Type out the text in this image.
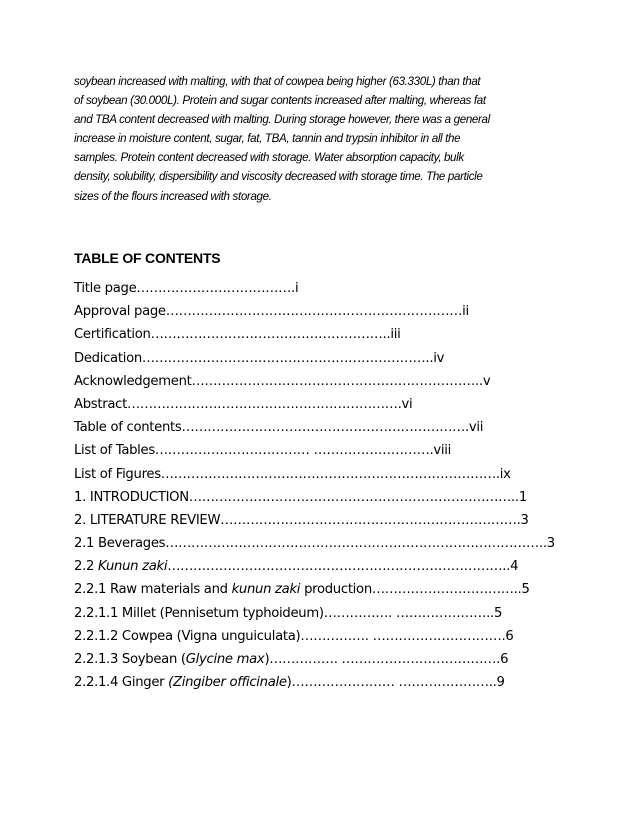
soybean increased with malting, with that of cowpea being higher (63.330L) than that

of soybean (30.000L). Protein and sugar contents increased after malting, whereas fat

and TBA content decreased with malting. During storage however, there was a general

increase in moisture content, sugar, fat, TBA, tannin and trypsin inhibitor in all the

samples. Protein content decreased with storage. Water absorption capacity, bulk

density, solubility, dispersibility and viscosity decreased with storage time. The particle

sizes of the flours increased with storage.

TABLE OF CONTENTS
Title page……………………………….i
Approval page……………………………………………………………ii
Certification………………………………………………..iii
Dedication…………………………………………………………..iv
Acknowledgement…………………………………………………………..v
Abstract……………………………………………………….vi
Table of contents………………………………………………………….vii
List of Tables……………………………… ……………………….viii
List of Figures…………………………………………………………………….ix
1. INTRODUCTION…………………………………………………………………..1
2. LITERATURE REVIEW…………………………………………………………….3
2.1 Beverages……………………………………………………………………………..3
2.2 Kunun zaki……………………………………………………………………..4
2.2.1 Raw materials and kunun zaki production……………………………..5
2.2.1.1 Millet (Pennisetum typhoideum)……………. …………………..5
2.2.1.2 Cowpea (Vigna unguiculata)……………. ………………………….6
2.2.1.3 Soybean (Glycine max)……………. ……………………………….6
2.2.1.4 Ginger (Zingiber officinale)…………………… …………………..9
